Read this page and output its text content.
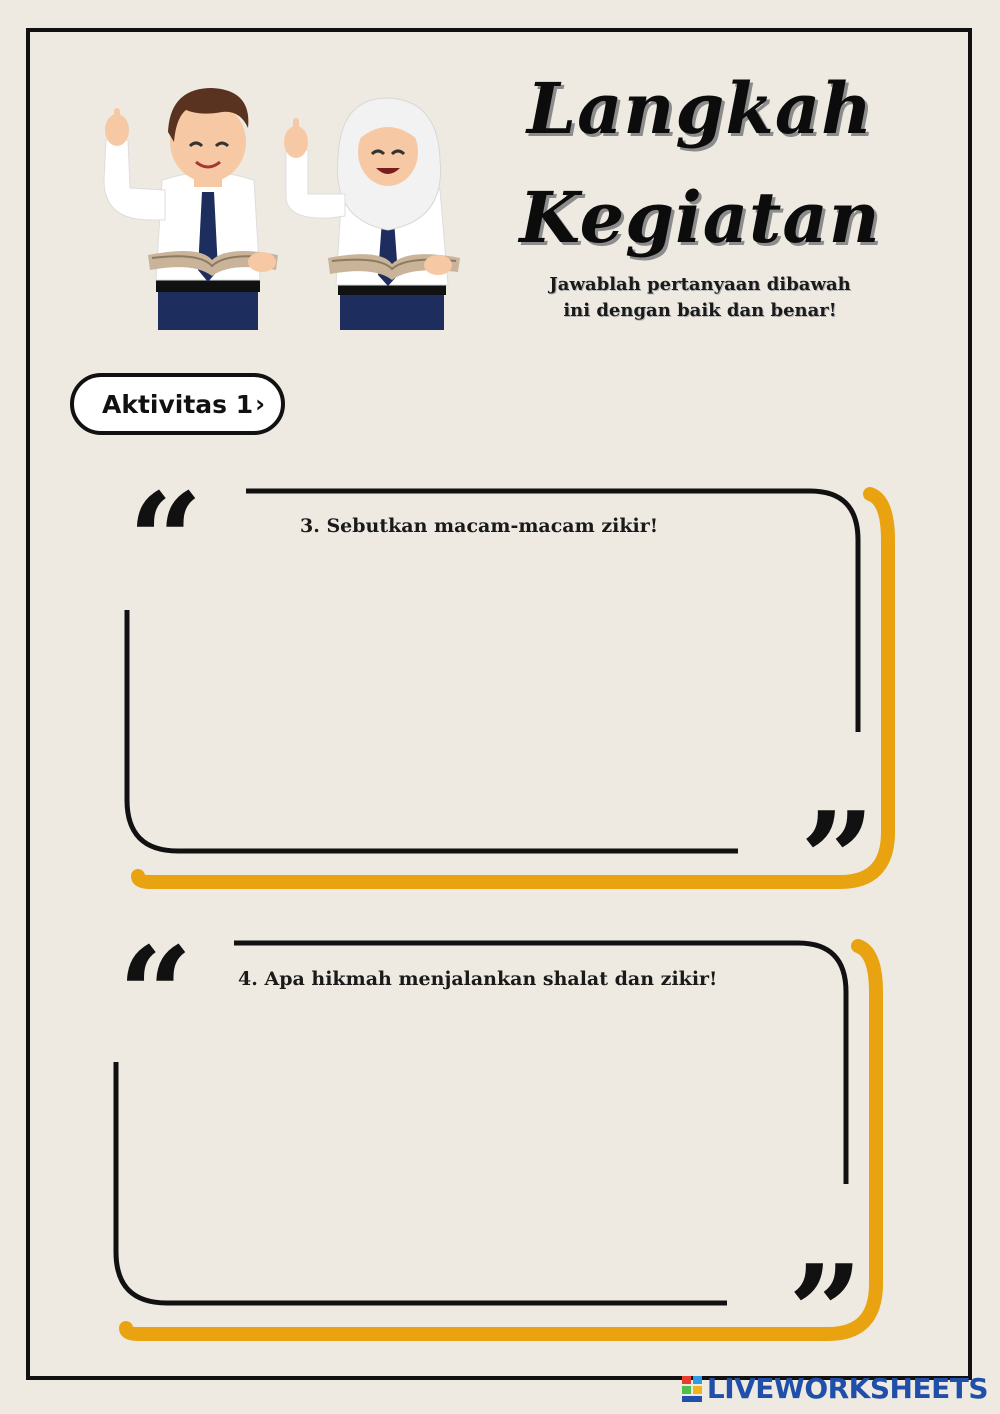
Langkah
Kegiatan
Jawablah pertanyaan dibawah
ini dengan baik dan benar!
Aktivitas 1 ›
“
”
3. Sebutkan macam-macam zikir!
“
”
4. Apa hikmah menjalankan shalat dan zikir!
LIVEWORKSHEETS
